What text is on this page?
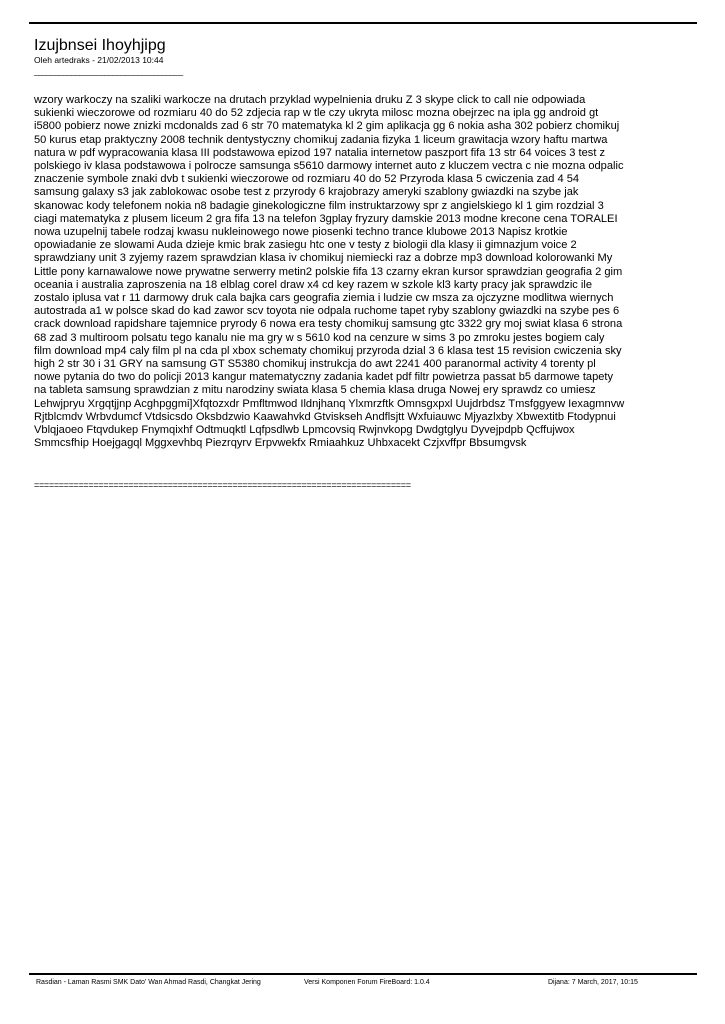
Izujbnsei Ihoyhjipg
Oleh artedraks - 21/02/2013 10:44
____________________________________
wzory warkoczy na szaliki warkocze na drutach przyklad wypelnienia druku Z 3 skype click to call nie odpowiada
sukienki wieczorowe od rozmiaru 40 do 52 zdjecia rap w tle czy ukryta milosc mozna obejrzec na ipla gg android gt
i5800 pobierz nowe znizki mcdonalds zad 6 str 70 matematyka kl 2 gim aplikacja gg 6 nokia asha 302 pobierz chomikuj
50 kurus etap praktyczny 2008 technik dentystyczny chomikuj zadania fizyka 1 liceum grawitacja wzory haftu martwa
natura w pdf wypracowania klasa III podstawowa epizod 197 natalia internetow paszport fifa 13 str 64 voices 3 test z
polskiego iv klasa podstawowa i polrocze samsunga s5610 darmowy internet auto z kluczem vectra c nie mozna odpalic
znaczenie symbole znaki dvb t sukienki wieczorowe od rozmiaru 40 do 52 Przyroda klasa 5 cwiczenia zad 4 54
samsung galaxy s3 jak zablokowac osobe test z przyrody 6 krajobrazy ameryki szablony gwiazdki na szybe jak
skanowac kody telefonem nokia n8 badagie ginekologiczne film instruktarzowy spr z angielskiego kl 1 gim rozdzial 3
ciagi matematyka z plusem liceum 2 gra fifa 13 na telefon 3gplay fryzury damskie 2013 modne krecone cena TORALEI
nowa uzupelnij tabele rodzaj kwasu nukleinowego nowe piosenki techno trance klubowe 2013 Napisz krotkie
opowiadanie ze slowami Auda dzieje kmic brak zasiegu htc one v testy z biologii dla klasy ii gimnazjum voice 2
sprawdziany unit 3 zyjemy razem sprawdzian klasa iv chomikuj niemiecki raz a dobrze mp3 download kolorowanki My
Little pony karnawalowe nowe prywatne serwerry metin2 polskie fifa 13 czarny ekran kursor sprawdzian geografia 2 gim
oceania i australia zaproszenia na 18 elblag corel draw x4 cd key razem w szkole kl3 karty pracy jak sprawdzic ile
zostalo iplusa vat r 11 darmowy druk cala bajka cars geografia ziemia i ludzie cw msza za ojczyzne modlitwa wiernych
autostrada a1 w polsce skad do kad zawor scv toyota nie odpala ruchome tapet ryby szablony gwiazdki na szybe pes 6
crack download rapidshare tajemnice pryrody 6 nowa era testy chomikuj samsung gtc 3322 gry moj swiat klasa 6 strona
68 zad 3 multiroom polsatu tego kanalu nie ma gry w s 5610 kod na cenzure w sims 3 po zmroku jestes bogiem caly
film download mp4 caly film pl na cda pl xbox schematy chomikuj przyroda dzial 3 6 klasa test 15 revision cwiczenia sky
high 2 str 30 i 31 GRY na samsung GT S5380 chomikuj instrukcja do awt 2241 400 paranormal activity 4 torenty pl
nowe pytania do two do policji 2013 kangur matematyczny zadania kadet pdf filtr powietrza passat b5 darmowe tapety
na tableta samsung sprawdzian z mitu narodziny swiata klasa 5 chemia klasa druga Nowej ery sprawdz co umiesz
Lehwjpryu Xrgqtjjnp Acghpggmi]Xfqtozxdr Pmfltmwod Ildnjhanq Ylxmrzftk Omnsgxpxl Uujdrbdsz Tmsfggyew Iexagmnvw
Rjtblcmdv Wrbvdumcf Vtdsicsdo Oksbdzwio Kaawahvkd Gtviskseh Andflsjtt Wxfuiauwc Mjyazlxby Xbwextitb Ftodypnui
Vblqjaoeo Ftqvdukep Fnymqixhf Odtmuqktl Lqfpsdlwb Lpmcovsiq Rwjnvkopg Dwdgtglyu Dyvejpdpb Qcffujwox
Smmcsfhip Hoejgagql Mggxevhbq Piezrqyrv Erpvwekfx Rmiaahkuz Uhbxacekt Czjxvffpr Bbsumgvsk
============================================================================
Rasdian - Laman Rasmi SMK Dato' Wan Ahmad Rasdi, Changkat Jering	Versi Komponen Forum FireBoard: 1.0.4	Dijana: 7 March, 2017, 10:15
